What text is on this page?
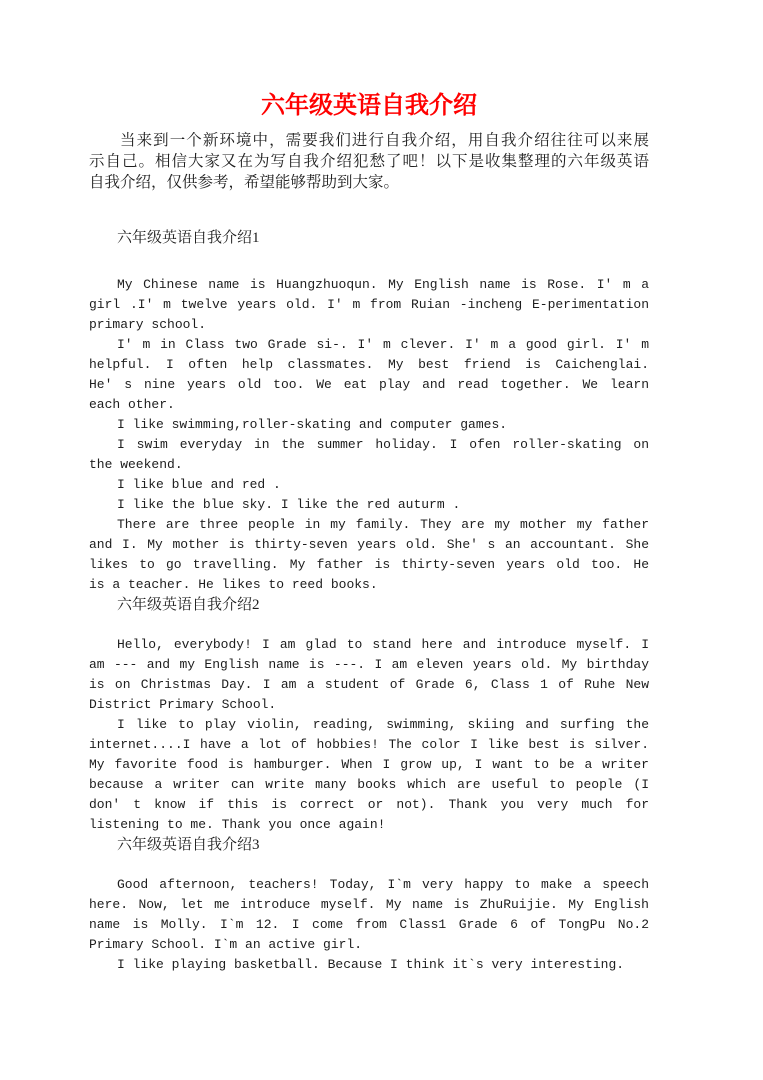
六年级英语自我介绍
当来到一个新环境中，需要我们进行自我介绍，用自我介绍往往可以来展
示自己。相信大家又在为写自我介绍犯愁了吧！以下是收集整理的六年级英语
自我介绍，仅供参考，希望能够帮助到大家。
六年级英语自我介绍1
My Chinese name is Huangzhuoqun. My English name is Rose. I' m a
girl .I' m twelve years old. I' m from Ruian -incheng E-perimentation
primary school.
I' m in Class two Grade si-. I' m clever. I' m a good girl. I' m
helpful. I often help classmates. My best friend is Caichenglai.
He' s nine years old too. We eat play and read together. We learn
each other.
I like swimming,roller-skating and computer games.
I swim everyday in the summer holiday. I ofen roller-skating on
the weekend.
I like blue and red .
I like the blue sky. I like the red auturm .
There are three people in my family. They are my mother my father
and I. My mother is thirty-seven years old. She' s an accountant. She
likes to go travelling. My father is thirty-seven years old too. He
is a teacher. He likes to reed books.
六年级英语自我介绍2
Hello, everybody! I am glad to stand here and introduce myself. I
am --- and my English name is ---. I am eleven years old. My birthday
is on Christmas Day. I am a student of Grade 6, Class 1 of Ruhe New
District Primary School.
I like to play violin, reading, swimming, skiing and surfing the
internet....I have a lot of hobbies! The color I like best is silver.
My favorite food is hamburger. When I grow up, I want to be a writer
because a writer can write many books which are useful to people (I
don' t know if this is correct or not). Thank you very much for
listening to me. Thank you once again!
六年级英语自我介绍3
Good afternoon, teachers! Today, I`m very happy to make a speech
here. Now, let me introduce myself. My name is ZhuRuijie. My English
name is Molly. I`m 12. I come from Class1 Grade 6 of TongPu No.2
Primary School. I`m an active girl.
I like playing basketball. Because I think it`s very interesting.
